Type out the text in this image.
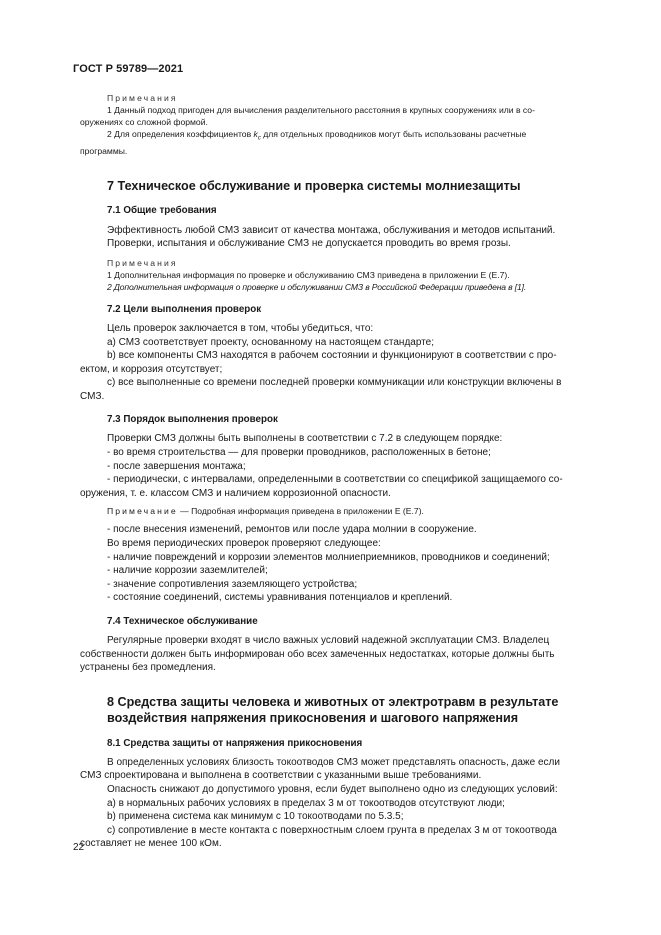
ГОСТ Р 59789—2021

Примечания

1 Данный подход пригоден для вычисления разделительного расстояния в крупных сооружениях или в со-

оружениях со сложной формой.

2 Для определения коэффициентов $k_c$ для отдельных проводников могут быть использованы расчетные

программы.

7 Техническое обслуживание и проверка системы молниезащиты

7.1 Общие требования

Эффективность любой СМЗ зависит от качества монтажа, обслуживания и методов испытаний.

Проверки, испытания и обслуживание СМЗ не допускается проводить во время грозы.

Примечания

1 Дополнительная информация по проверке и обслуживанию СМЗ приведена в приложении Е (Е.7).

2 Дополнительная информация о проверке и обслуживании СМЗ в Российской Федерации приведена в [1].

7.2 Цели выполнения проверок

Цель проверок заключается в том, чтобы убедиться, что:

а) СМЗ соответствует проекту, основанному на настоящем стандарте;

b) все компоненты СМЗ находятся в рабочем состоянии и функционируют в соответствии с про-

ектом, и коррозия отсутствует;

с) все выполненные со времени последней проверки коммуникации или конструкции включены в

СМЗ.

7.3 Порядок выполнения проверок

Проверки СМЗ должны быть выполнены в соответствии с 7.2 в следующем порядке:

- во время строительства — для проверки проводников, расположенных в бетоне;

- после завершения монтажа;

- периодически, с интервалами, определенными в соответствии со спецификой защищаемого со-

оружения, т. е. классом СМЗ и наличием коррозионной опасности.

Примечание — Подробная информация приведена в приложении Е (Е.7).

- после внесения изменений, ремонтов или после удара молнии в сооружение.

Во время периодических проверок проверяют следующее:

- наличие повреждений и коррозии элементов молниеприемников, проводников и соединений;

- наличие коррозии заземлителей;

- значение сопротивления заземляющего устройства;

- состояние соединений, системы уравнивания потенциалов и креплений.

7.4 Техническое обслуживание

Регулярные проверки входят в число важных условий надежной эксплуатации СМЗ. Владелец

собственности должен быть информирован обо всех замеченных недостатках, которые должны быть

устранены без промедления.

8 Средства защиты человека и животных от электротравм в результате

воздействия напряжения прикосновения и шагового напряжения

8.1 Средства защиты от напряжения прикосновения

В определенных условиях близость токоотводов СМЗ может представлять опасность, даже если

СМЗ спроектирована и выполнена в соответствии с указанными выше требованиями.

Опасность снижают до допустимого уровня, если будет выполнено одно из следующих условий:

а) в нормальных рабочих условиях в пределах 3 м от токоотводов отсутствуют люди;

b) применена система как минимум с 10 токоотводами по 5.3.5;

с) сопротивление в месте контакта с поверхностным слоем грунта в пределах 3 м от токоотвода

составляет не менее 100 кОм.

22
